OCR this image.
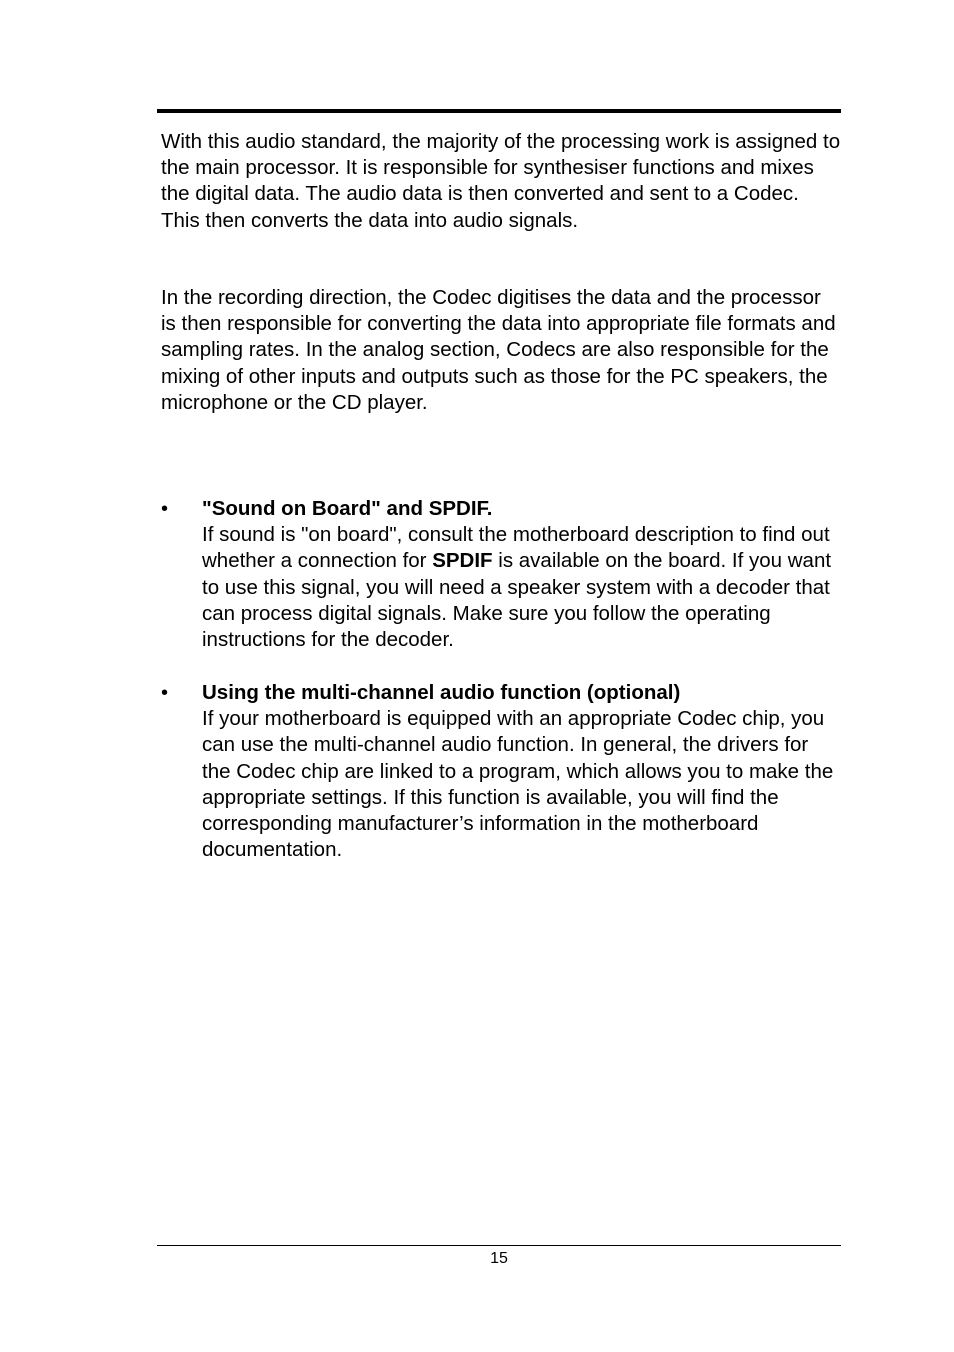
With this audio standard, the majority of the processing work is assigned to the main processor. It is responsible for synthesiser functions and mixes the digital data. The audio data is then converted and sent to a Codec. This then converts the data into audio signals.

In the recording direction, the Codec digitises the data and the processor is then responsible for converting the data into appropriate file formats and sampling rates. In the analog section, Codecs are also responsible for the mixing of other inputs and outputs such as those for the PC speakers, the microphone or the CD player.

• "Sound on Board" and SPDIF.
If sound is "on board", consult the motherboard description to find out whether a connection for SPDIF is available on the board. If you want to use this signal, you will need a speaker system with a decoder that can process digital signals. Make sure you follow the operating instructions for the decoder.
• Using the multi-channel audio function (optional)
If your motherboard is equipped with an appropriate Codec chip, you can use the multi-channel audio function. In general, the drivers for the Codec chip are linked to a program, which allows you to make the appropriate settings. If this function is available, you will find the corresponding manufacturer’s information in the motherboard documentation.
15
